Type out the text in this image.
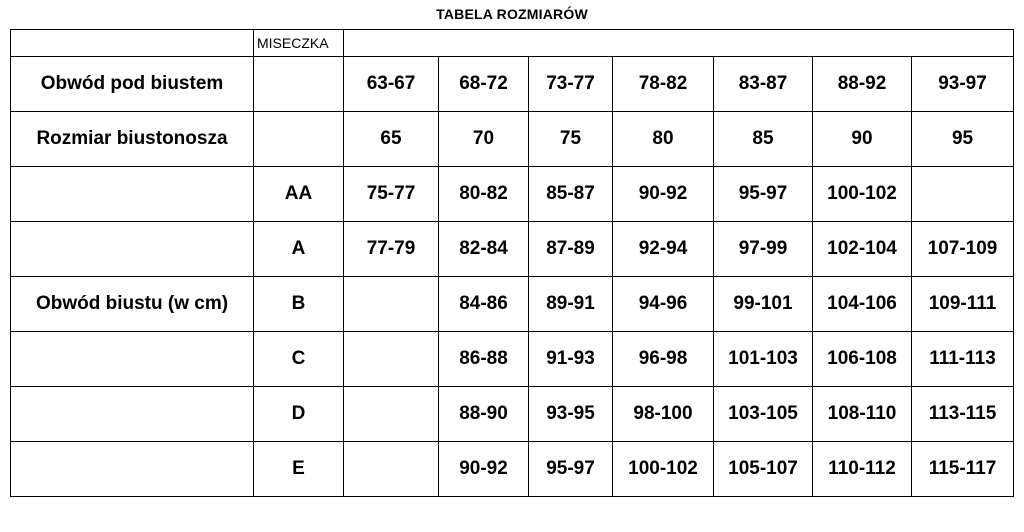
TABELA ROZMIARÓW
	MISECZKA							
Obwód pod biustem		63-67	68-72	73-77	78-82	83-87	88-92	93-97
Rozmiar biustonosza		65	70	75	80	85	90	95
	AA	75-77	80-82	85-87	90-92	95-97	100-102	
	A	77-79	82-84	87-89	92-94	97-99	102-104	107-109
Obwód biustu (w cm)	B		84-86	89-91	94-96	99-101	104-106	109-111
	C		86-88	91-93	96-98	101-103	106-108	111-113
	D		88-90	93-95	98-100	103-105	108-110	113-115
	E		90-92	95-97	100-102	105-107	110-112	115-117
